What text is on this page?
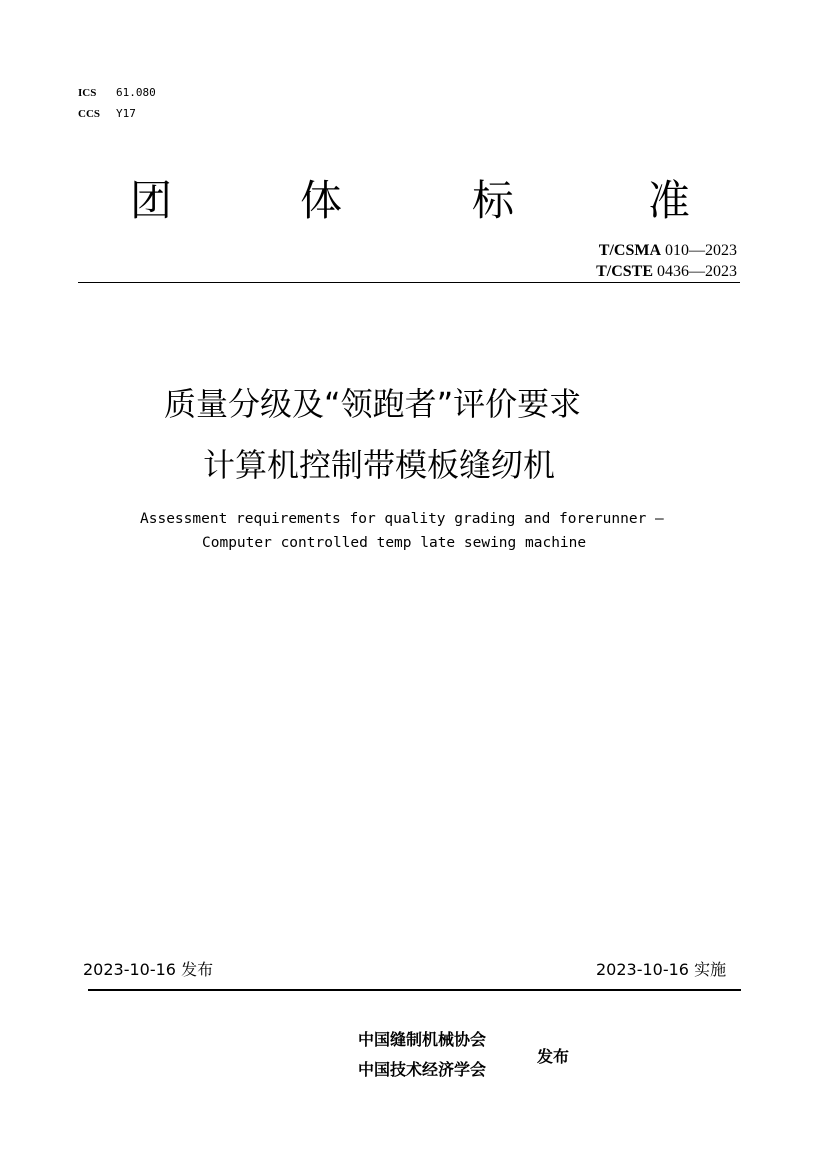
ICS 61.080
CCS Y17
团	体	标	准
T/CSMA 010—2023
T/CSTE 0436—2023
质量分级及“领跑者”评价要求
计算机控制带模板缝纫机
Assessment requirements for quality grading and forerunner —
Computer controlled temp late sewing machine
2023-10-16 发布	2023-10-16 实施
中国缝制机械协会
中国技术经济学会
发布
